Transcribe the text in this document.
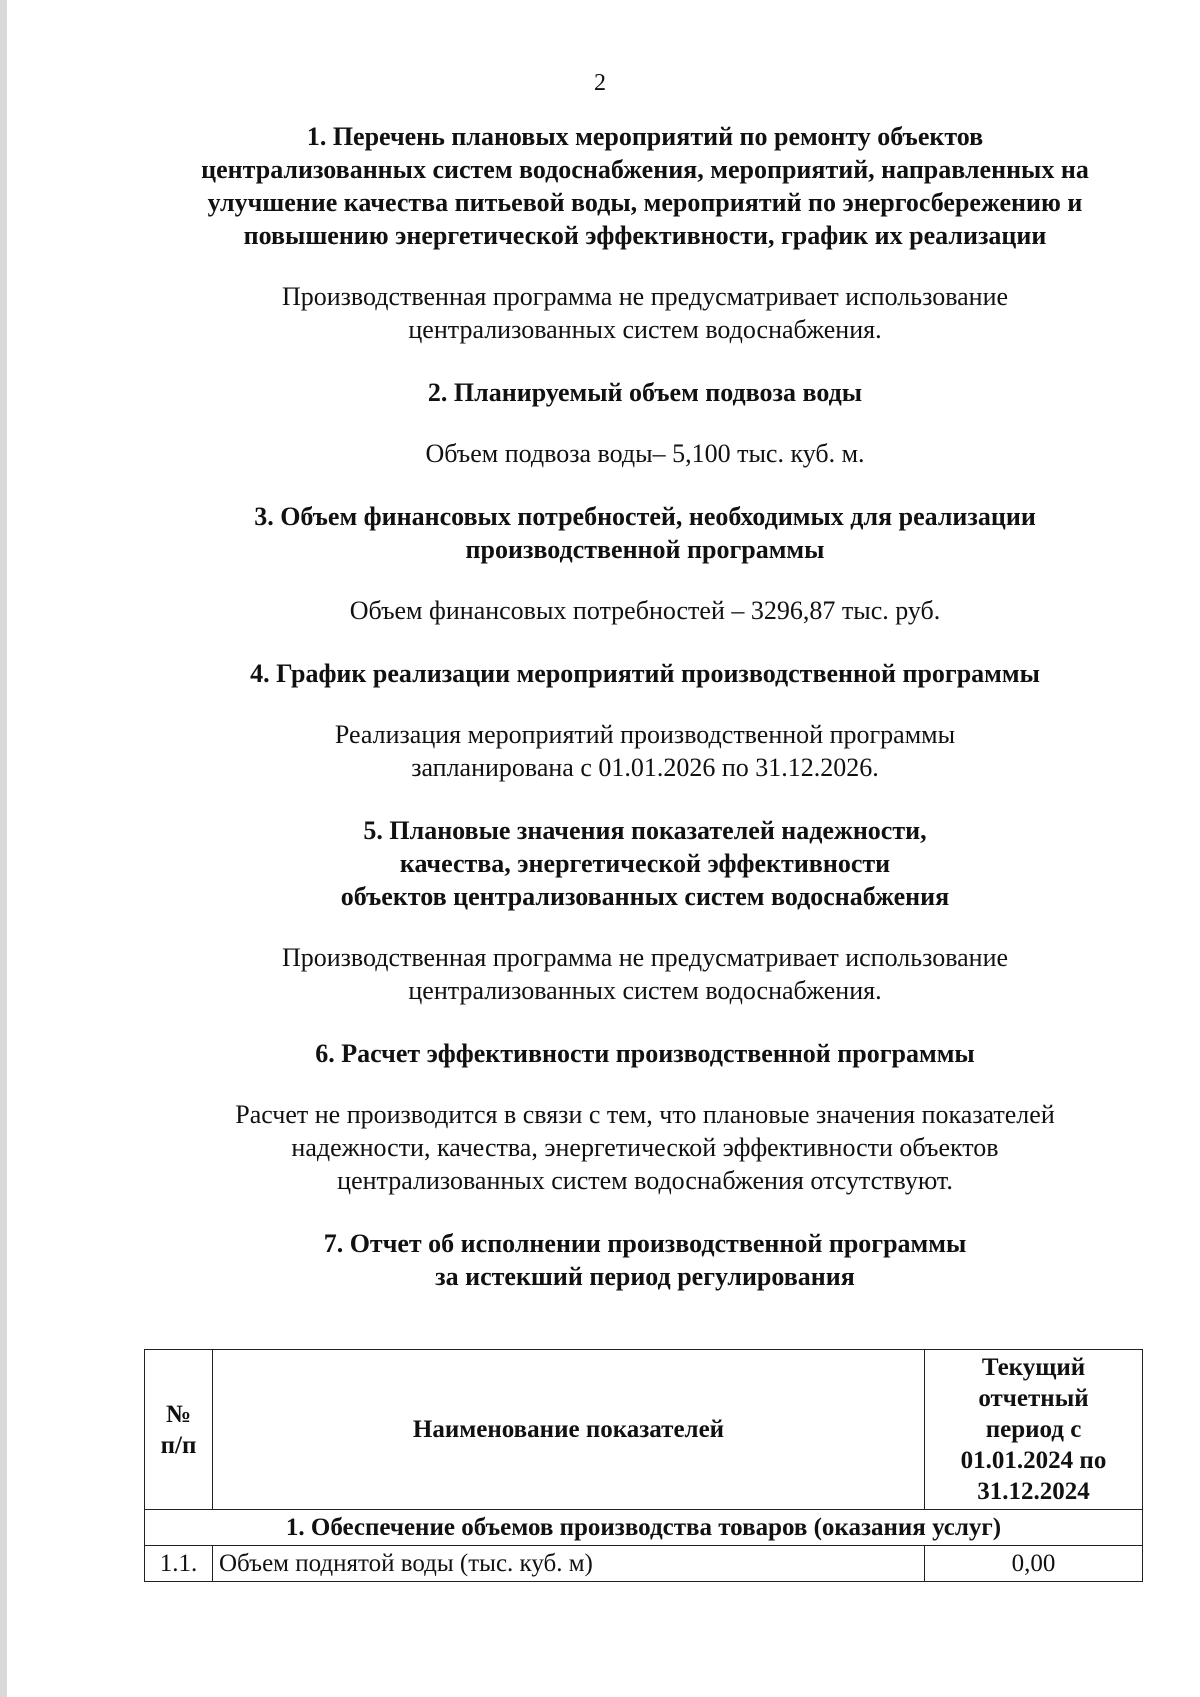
2

1. Перечень плановых мероприятий по ремонту объектов
централизованных систем водоснабжения, мероприятий, направленных на
улучшение качества питьевой воды, мероприятий по энергосбережению и
повышению энергетической эффективности, график их реализации

Производственная программа не предусматривает использование
централизованных систем водоснабжения.

2. Планируемый объем подвоза воды

Объем подвоза воды– 5,100 тыс. куб. м.

3. Объем финансовых потребностей, необходимых для реализации
производственной программы

Объем финансовых потребностей – 3296,87 тыс. руб.

4. График реализации мероприятий производственной программы

Реализация мероприятий производственной программы
запланирована с 01.01.2026 по 31.12.2026.

5. Плановые значения показателей надежности,
качества, энергетической эффективности
объектов централизованных систем водоснабжения

Производственная программа не предусматривает использование
централизованных систем водоснабжения.

6. Расчет эффективности производственной программы

Расчет не производится в связи с тем, что плановые значения показателей
надежности, качества, энергетической эффективности объектов
централизованных систем водоснабжения отсутствуют.

7. Отчет об исполнении производственной программы
за истекший период регулирования

№
п/п	Наименование показателей	Текущий
отчетный
период с
01.01.2024 по
31.12.2024
1. Обеспечение объемов производства товаров (оказания услуг)		
1.1.	Объем поднятой воды (тыс. куб. м)	0,00
